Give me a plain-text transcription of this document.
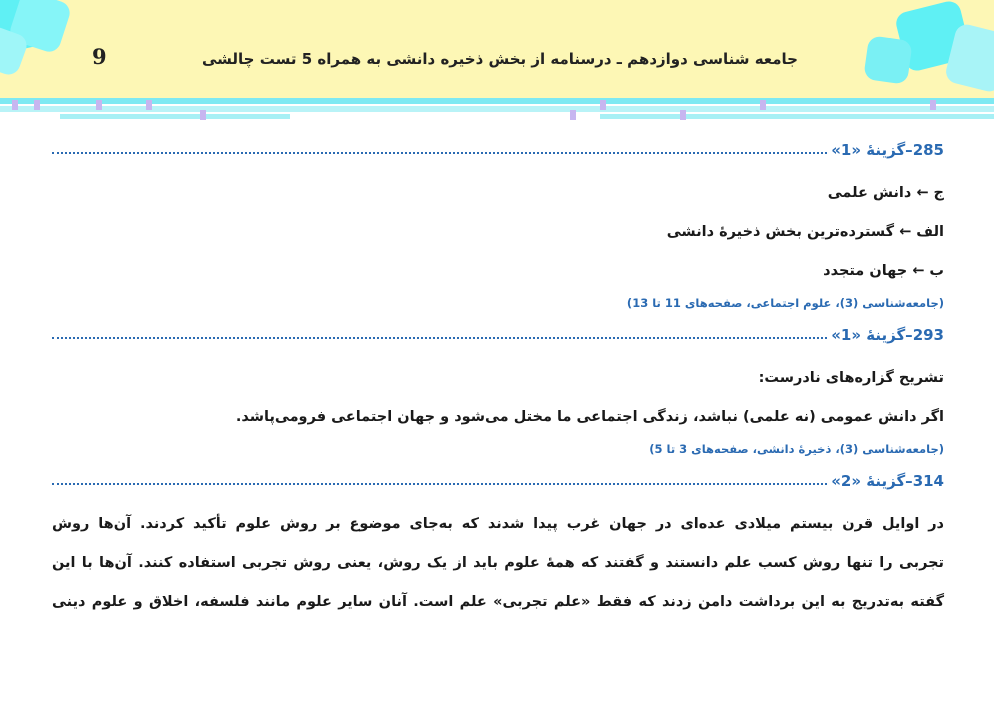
9	جامعه شناسی دوازدهم ـ درسنامه از بخش ذخیره دانشی به همراه 5 تست چالشی
285–گزینۀ «1»
ج ← دانش علمی
الف ← گسترده‌ترین بخش ذخیرۀ دانشی
ب ← جهان متجدد
(جامعه‌شناسی (3)، علوم اجتماعی، صفحه‌های 11 تا 13)
293–گزینۀ «1»
تشریح گزاره‌های نادرست:
اگر دانش عمومی (نه علمی) نباشد، زندگی اجتماعی ما مختل می‌شود و جهان اجتماعی فرومی‌پاشد.
(جامعه‌شناسی (3)، ذخیرۀ دانشی، صفحه‌های 3 تا 5)
314–گزینۀ «2»
در اوایل قرن بیستم میلادی عده‌ای در جهان غرب پیدا شدند که به‌جای موضوع بر روش علوم تأکید کردند. آن‌ها روش
تجربی را تنها روش کسب علم دانستند و گفتند که همۀ علوم باید از یک روش، یعنی روش تجربی استفاده کنند. آن‌ها با این
گفته به‌تدریج به این برداشت دامن زدند که فقط «علم تجربی» علم است. آنان سایر علوم مانند فلسفه، اخلاق و علوم دینی
